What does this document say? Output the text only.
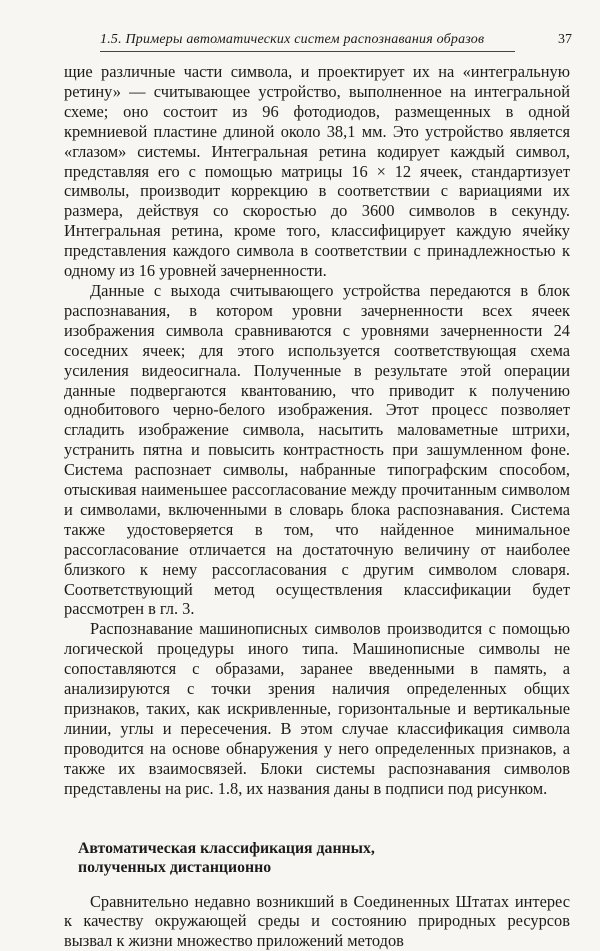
1.5. Примеры автоматических систем распознавания образов	37

щие различные части символа, и проектирует их на «интегральную ретину» — считывающее устройство, выполненное на интегральной схеме; оно состоит из 96 фотодиодов, размещенных в одной кремниевой пластине длиной около 38,1 мм. Это устройство является «глазом» системы. Интегральная ретина кодирует каждый символ, представляя его с помощью матрицы 16 × 12 ячеек, стандартизует символы, производит коррекцию в соответствии с вариациями их размера, действуя со скоростью до 3600 символов в секунду. Интегральная ретина, кроме того, классифицирует каждую ячейку представления каждого символа в соответствии с принадлежностью к одному из 16 уровней зачерненности.

Данные с выхода считывающего устройства передаются в блок распознавания, в котором уровни зачерненности всех ячеек изображения символа сравниваются с уровнями зачерненности 24 соседних ячеек; для этого используется соответствующая схема усиления видеосигнала. Полученные в результате этой операции данные подвергаются квантованию, что приводит к получению однобитового черно-белого изображения. Этот процесс позволяет сгладить изображение символа, насытить маловаметные штрихи, устранить пятна и повысить контрастность при зашумленном фоне. Система распознает символы, набранные типографским способом, отыскивая наименьшее рассогласование между прочитанным символом и символами, включенными в словарь блока распознавания. Система также удостоверяется в том, что найденное минимальное рассогласование отличается на достаточную величину от наиболее близкого к нему рассогласования с другим символом словаря. Соответствующий метод осуществления классификации будет рассмотрен в гл. 3.

Распознавание машинописных символов производится с помощью логической процедуры иного типа. Машинописные символы не сопоставляются с образами, заранее введенными в память, а анализируются с точки зрения наличия определенных общих признаков, таких, как искривленные, горизонтальные и вертикальные линии, углы и пересечения. В этом случае классификация символа проводится на основе обнаружения у него определенных признаков, а также их взаимосвязей. Блоки системы распознавания символов представлены на рис. 1.8, их названия даны в подписи под рисунком.

Автоматическая классификация данных,
полученных дистанционно

Сравнительно недавно возникший в Соединенных Штатах интерес к качеству окружающей среды и состоянию природных ресурсов вызвал к жизни множество приложений методов
